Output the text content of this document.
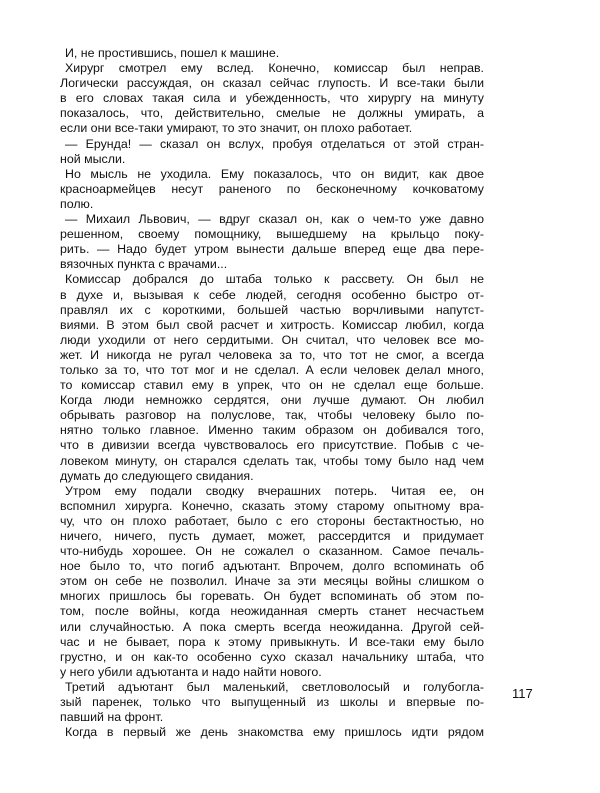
И, не простившись, пошел к машине.
Хирург смотрел ему вслед. Конечно, комиссар был неправ.
Логически рассуждая, он сказал сейчас глупость. И все-таки были
в его словах такая сила и убежденность, что хирургу на минуту
показалось, что, действительно, смелые не должны умирать, а
если они все-таки умирают, то это значит, он плохо работает.
— Ерунда! — сказал он вслух, пробуя отделаться от этой стран-
ной мысли.
Но мысль не уходила. Ему показалось, что он видит, как двое
красноармейцев несут раненого по бесконечному кочковатому
полю.
— Михаил Львович, — вдруг сказал он, как о чем-то уже давно
решенном, своему помощнику, вышедшему на крыльцо поку-
рить. — Надо будет утром вынести дальше вперед еще два пере-
вязочных пункта с врачами...
Комиссар добрался до штаба только к рассвету. Он был не
в духе и, вызывая к себе людей, сегодня особенно быстро от-
правлял их с короткими, большей частью ворчливыми напутст-
виями. В этом был свой расчет и хитрость. Комиссар любил, когда
люди уходили от него сердитыми. Он считал, что человек все мо-
жет. И никогда не ругал человека за то, что тот не смог, а всегда
только за то, что тот мог и не сделал. А если человек делал много,
то комиссар ставил ему в упрек, что он не сделал еще больше.
Когда люди немножко сердятся, они лучше думают. Он любил
обрывать разговор на полуслове, так, чтобы человеку было по-
нятно только главное. Именно таким образом он добивался того,
что в дивизии всегда чувствовалось его присутствие. Побыв с че-
ловеком минуту, он старался сделать так, чтобы тому было над чем
думать до следующего свидания.
Утром ему подали сводку вчерашних потерь. Читая ее, он
вспомнил хирурга. Конечно, сказать этому старому опытному вра-
чу, что он плохо работает, было с его стороны бестактностью, но
ничего, ничего, пусть думает, может, рассердится и придумает
что-нибудь хорошее. Он не сожалел о сказанном. Самое печаль-
ное было то, что погиб адъютант. Впрочем, долго вспоминать об
этом он себе не позволил. Иначе за эти месяцы войны слишком о
многих пришлось бы горевать. Он будет вспоминать об этом по-
том, после войны, когда неожиданная смерть станет несчастьем
или случайностью. А пока смерть всегда неожиданна. Другой сей-
час и не бывает, пора к этому привыкнуть. И все-таки ему было
грустно, и он как-то особенно сухо сказал начальнику штаба, что
у него убили адъютанта и надо найти нового.
Третий адъютант был маленький, светловолосый и голубогла-
зый паренек, только что выпущенный из школы и впервые по-
павший на фронт.
Когда в первый же день знакомства ему пришлось идти рядом
117
